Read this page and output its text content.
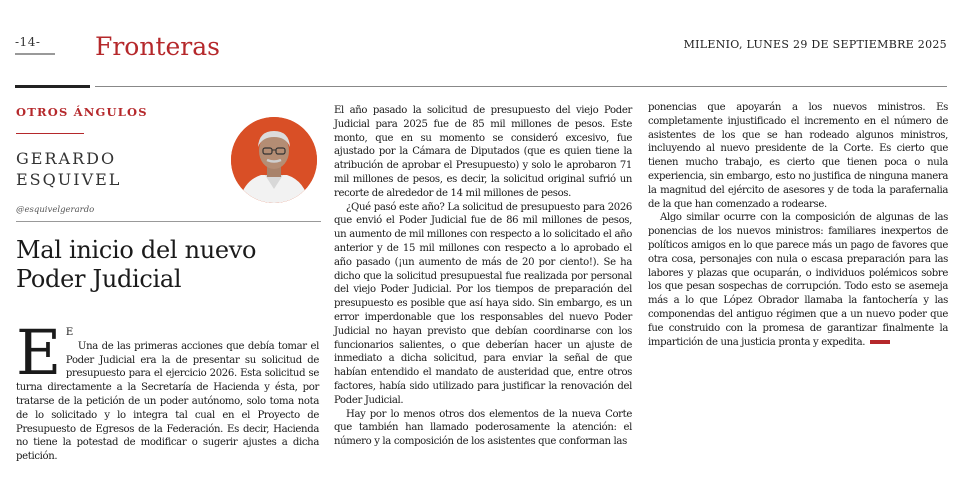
-14- Fronteras	MILENIO, LUNES 29 DE SEPTIEMBRE 2025
OTROS ÁNGULOS
GERARDO
ESQUIVEL
@esquivelgerardo
Mal inicio del nuevo
Poder Judicial

E E

Una de las primeras acciones que debía tomar el Poder Judicial era la de presentar su solicitud de presupuesto para el ejercicio 2026. Esta solicitud se turna directamente a la Secretaría de Hacienda y ésta, por tratarse de la petición de un poder autónomo, solo toma nota de lo solicitado y lo integra tal cual en el Proyecto de Presupuesto de Egresos de la Federación. Es decir, Hacienda no tiene la potestad de modificar o sugerir ajustes a dicha petición.

El año pasado la solicitud de presupuesto del viejo Poder Judicial para 2025 fue de 85 mil millones de pesos. Este monto, que en su momento se consideró excesivo, fue ajustado por la Cámara de Diputados (que es quien tiene la atribución de aprobar el Presupuesto) y solo le aprobaron 71 mil millones de pesos, es decir, la solicitud original sufrió un recorte de alrededor de 14 mil millones de pesos.

¿Qué pasó este año? La solicitud de presupuesto para 2026 que envió el Poder Judicial fue de 86 mil millones de pesos, un aumento de mil millones con respecto a lo solicitado el año anterior y de 15 mil millones con respecto a lo aprobado el año pasado (¡un aumento de más de 20 por ciento!). Se ha dicho que la solicitud presupuestal fue realizada por personal del viejo Poder Judicial. Por los tiempos de preparación del presupuesto es posible que así haya sido. Sin embargo, es un error imperdonable que los responsables del nuevo Poder Judicial no hayan previsto que debían coordinarse con los funcionarios salientes, o que deberían hacer un ajuste de inmediato a dicha solicitud, para enviar la señal de que habían entendido el mandato de austeridad que, entre otros factores, había sido utilizado para justificar la renovación del Poder Judicial.

Hay por lo menos otros dos elementos de la nueva Corte que también han llamado poderosamente la atención: el número y la composición de los asistentes que conforman las

ponencias que apoyarán a los nuevos ministros. Es completamente injustificado el incremento en el número de asistentes de los que se han rodeado algunos ministros, incluyendo al nuevo presidente de la Corte. Es cierto que tienen mucho trabajo, es cierto que tienen poca o nula experiencia, sin embargo, esto no justifica de ninguna manera la magnitud del ejército de asesores y de toda la parafernalia de la que han comenzado a rodearse.

Algo similar ocurre con la composición de algunas de las ponencias de los nuevos ministros: familiares inexpertos de políticos amigos en lo que parece más un pago de favores que otra cosa, personajes con nula o escasa preparación para las labores y plazas que ocuparán, o individuos polémicos sobre los que pesan sospechas de corrupción. Todo esto se asemeja más a lo que López Obrador llamaba la fantochería y las componendas del antiguo régimen que a un nuevo poder que fue construido con la promesa de garantizar finalmente la impartición de una justicia pronta y expedita.
